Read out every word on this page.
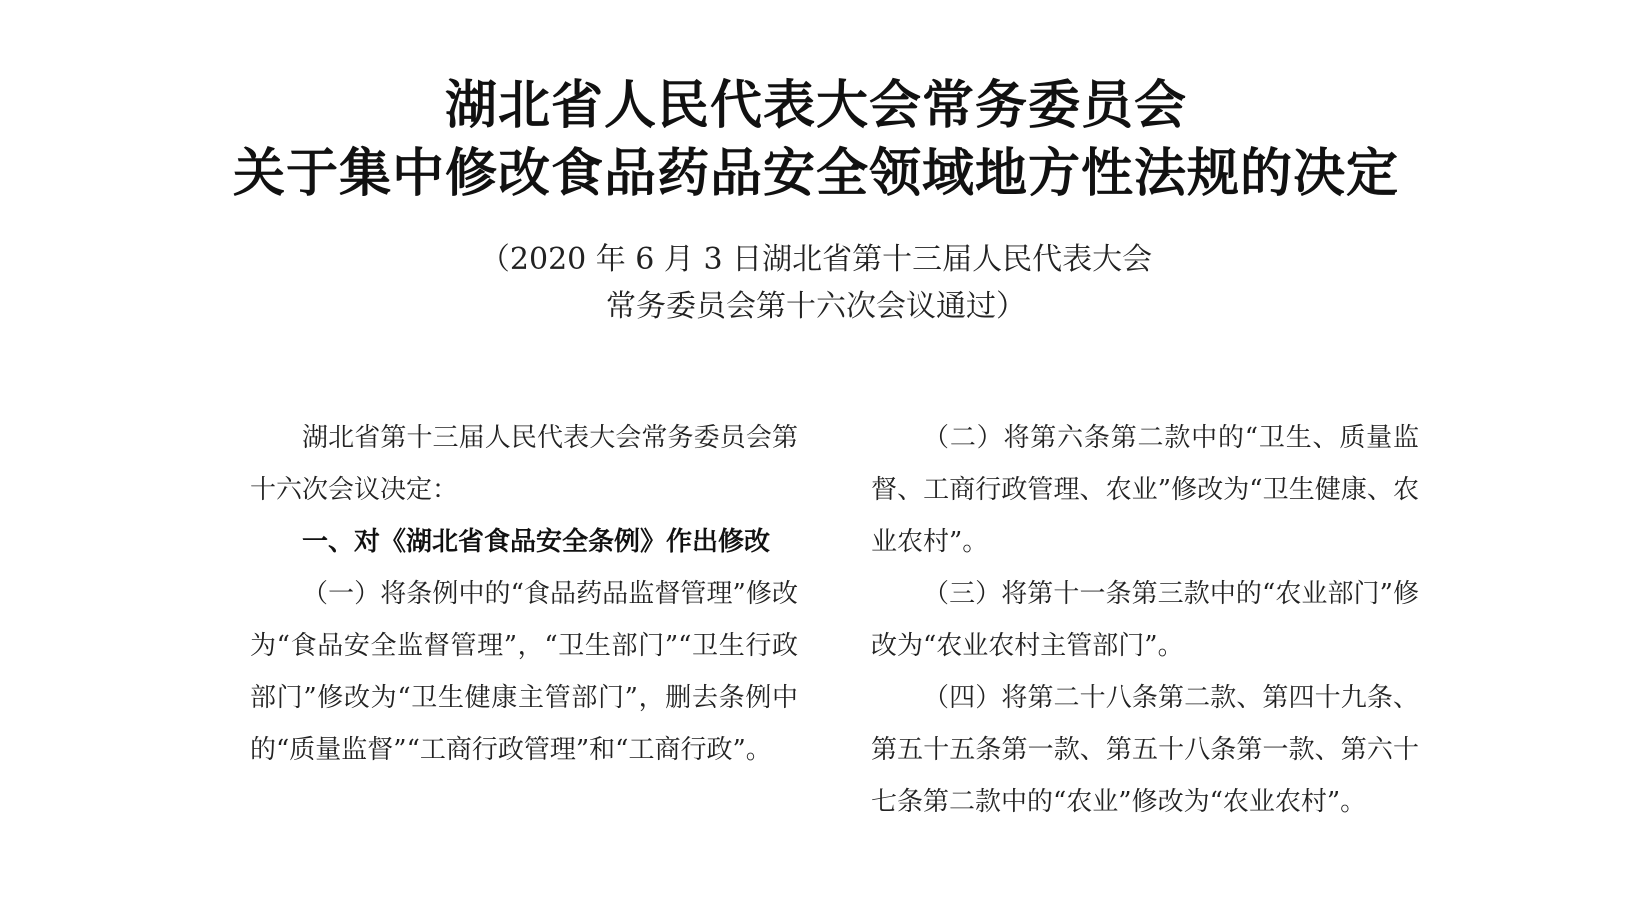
湖北省人民代表大会常务委员会
关于集中修改食品药品安全领域地方性法规的决定
（2020 年 6 月 3 日湖北省第十三届人民代表大会
常务委员会第十六次会议通过）

湖北省第十三届人民代表大会常务委员会第十六次会议决定：

一、对《湖北省食品安全条例》作出修改

（一）将条例中的“食品药品监督管理”修改为“食品安全监督管理”，“卫生部门”“卫生行政部门”修改为“卫生健康主管部门”，删去条例中的“质量监督”“工商行政管理”和“工商行政”。

（二）将第六条第二款中的“卫生、质量监督、工商行政管理、农业”修改为“卫生健康、农业农村”。

（三）将第十一条第三款中的“农业部门”修改为“农业农村主管部门”。

（四）将第二十八条第二款、第四十九条、第五十五条第一款、第五十八条第一款、第六十七条第二款中的“农业”修改为“农业农村”。
